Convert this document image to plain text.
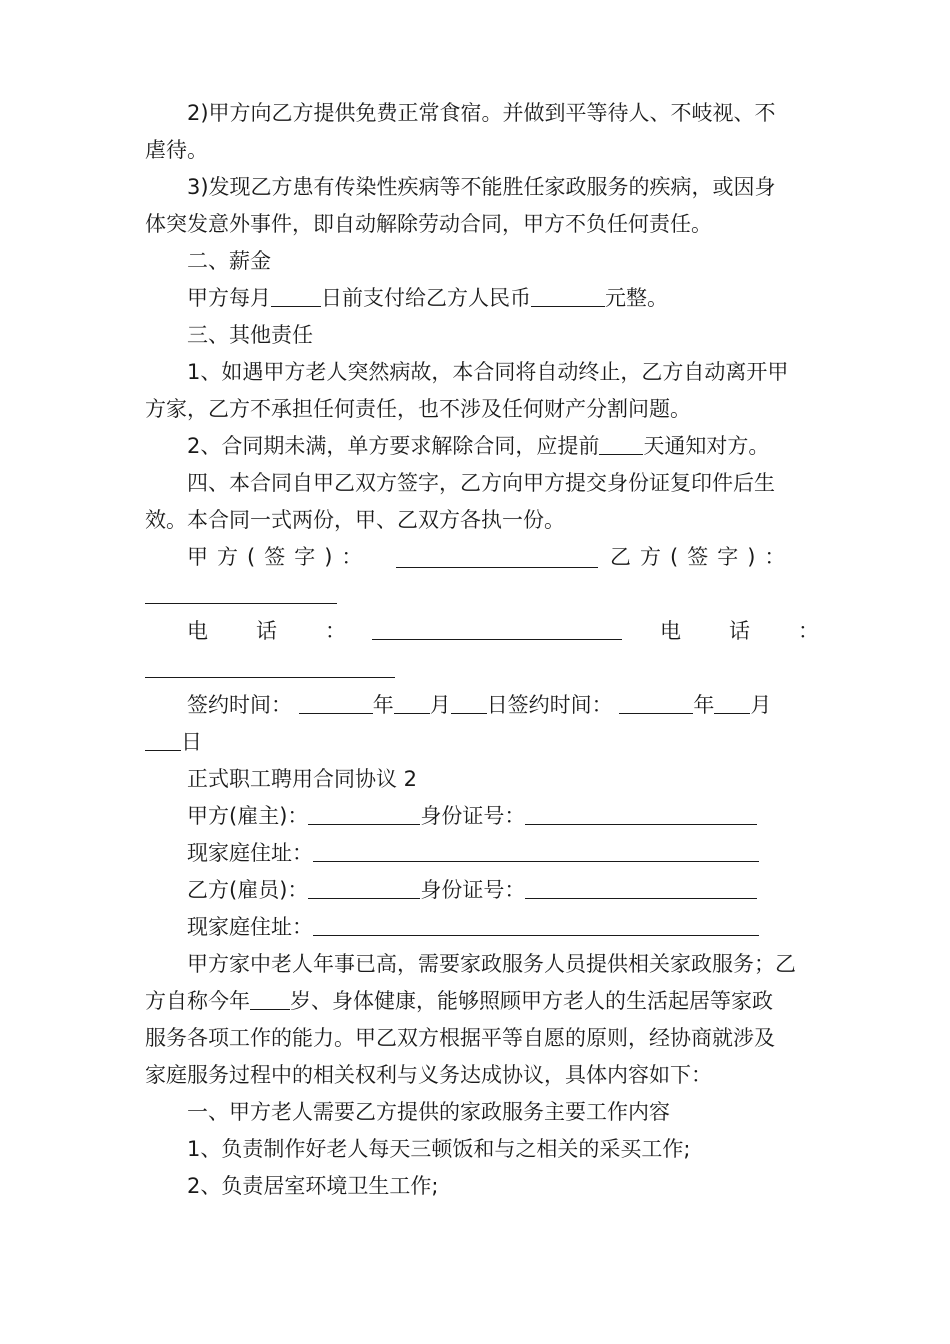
2)甲方向乙方提供免费正常食宿。并做到平等待人、不岐视、不
虐待。
3)发现乙方患有传染性疾病等不能胜任家政服务的疾病，或因身
体突发意外事件，即自动解除劳动合同，甲方不负任何责任。
二、薪金
甲方每月 日前支付给乙方人民币	元整。
三、其他责任
1、如遇甲方老人突然病故，本合同将自动终止，乙方自动离开甲
方家，乙方不承担任何责任，也不涉及任何财产分割问题。
2、合同期未满，单方要求解除合同，应提前 天通知对方。
四、本合同自甲乙双方签字，乙方向甲方提交身份证复印件后生
效。本合同一式两份，甲、乙双方各执一份。
甲方(签字)：	乙方(签字)：
电话：	电话：
签约时间：	年 月 日签约时间：	年 月
日
正式职工聘用合同协议 2
甲方(雇主)：	身份证号：
现家庭住址：
乙方(雇员)：	身份证号：
现家庭住址：
甲方家中老人年事已高，需要家政服务人员提供相关家政服务；乙
方自称今年 岁、身体健康，能够照顾甲方老人的生活起居等家政
服务各项工作的能力。甲乙双方根据平等自愿的原则，经协商就涉及
家庭服务过程中的相关权利与义务达成协议，具体内容如下：
一、甲方老人需要乙方提供的家政服务主要工作内容
1、负责制作好老人每天三顿饭和与之相关的采买工作;
2、负责居室环境卫生工作;
